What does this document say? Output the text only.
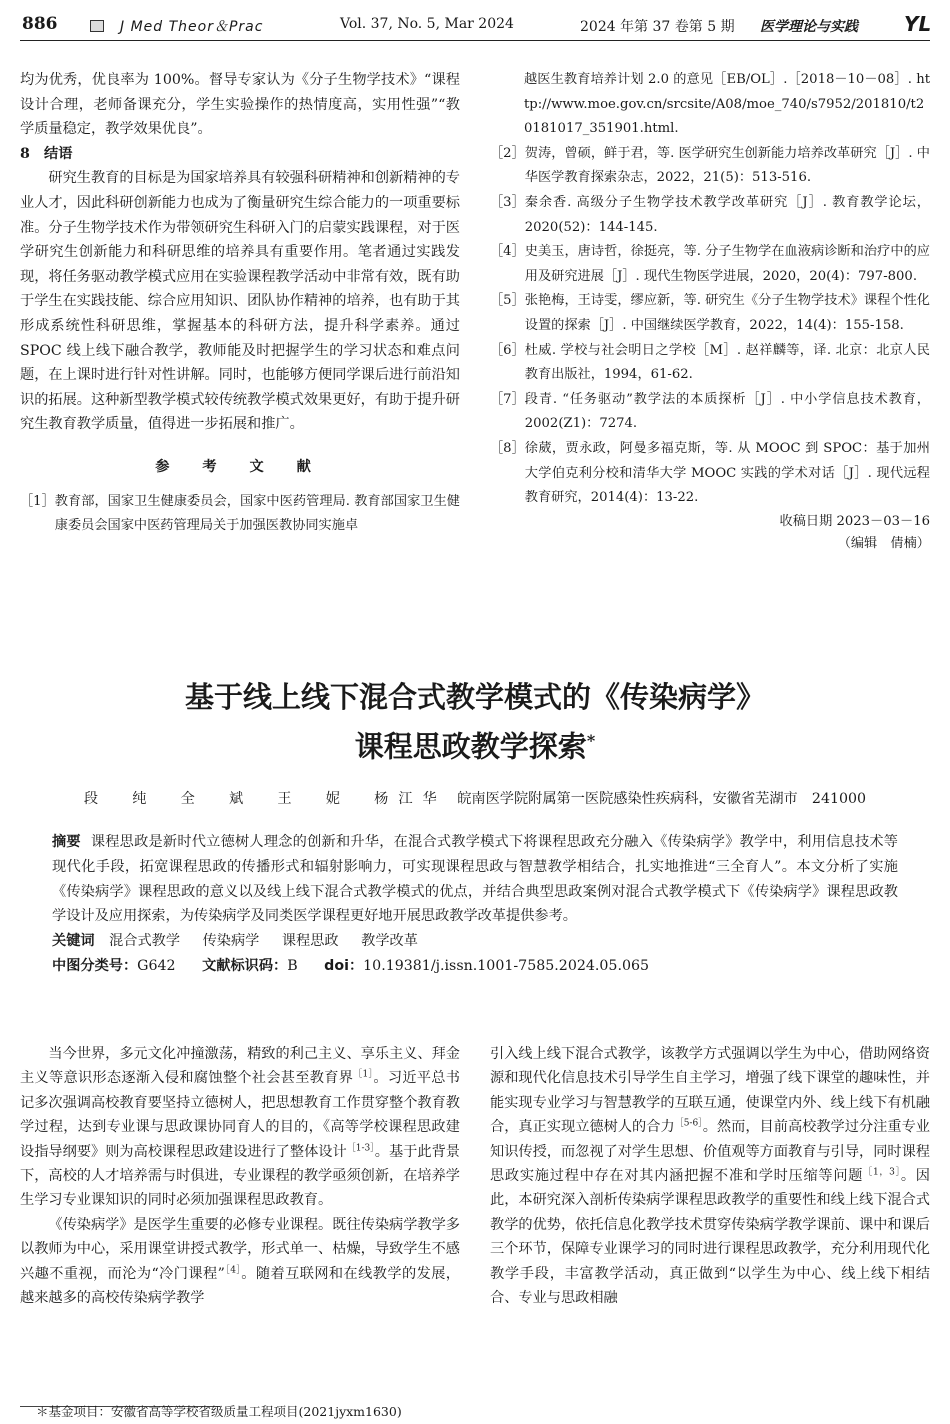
886	J Med Theor＆Prac	Vol. 37, No. 5, Mar 2024	2024 年第 37 卷第 5 期 医学理论与实践 YL

均为优秀，优良率为 100%。督导专家认为《分子生物学技术》“课程设计合理，老师备课充分，学生实验操作的热情度高，实用性强”“教学质量稳定，教学效果优良”。

8　结语

研究生教育的目标是为国家培养具有较强科研精神和创新精神的专业人才，因此科研创新能力也成为了衡量研究生综合能力的一项重要标准。分子生物学技术作为带领研究生科研入门的启蒙实践课程，对于医学研究生创新能力和科研思维的培养具有重要作用。笔者通过实践发现，将任务驱动教学模式应用在实验课程教学活动中非常有效，既有助于学生在实践技能、综合应用知识、团队协作精神的培养，也有助于其形成系统性科研思维，掌握基本的科研方法，提升科学素养。通过 SPOC 线上线下融合教学，教师能及时把握学生的学习状态和难点问题，在上课时进行针对性讲解。同时，也能够方便同学课后进行前沿知识的拓展。这种新型教学模式较传统教学模式效果更好，有助于提升研究生教育教学质量，值得进一步拓展和推广。

参 考 文 献

［1］ 教育部，国家卫生健康委员会，国家中医药管理局. 教育部国家卫生健康委员会国家中医药管理局关于加强医教协同实施卓
越医生教育培养计划 2.0 的意见［EB/OL］.［2018－10－08］. http://www.moe.gov.cn/srcsite/A08/moe_740/s7952/201810/t20181017_351901.html.
［2］ 贺涛，曾硕，鲜于君，等. 医学研究生创新能力培养改革研究［J］. 中华医学教育探索杂志，2022，21(5)：513-516.
［3］ 秦余香. 高级分子生物学技术教学改革研究［J］. 教育教学论坛，2020(52)：144-145.
［4］ 史美玉，唐诗哲，徐挺亮，等. 分子生物学在血液病诊断和治疗中的应用及研究进展［J］. 现代生物医学进展，2020，20(4)：797-800.
［5］ 张艳梅，王诗雯，缪应新，等. 研究生《分子生物学技术》课程个性化设置的探索［J］. 中国继续医学教育，2022，14(4)：155-158.
［6］ 杜威. 学校与社会明日之学校［M］. 赵祥麟等，译. 北京：北京人民教育出版社，1994，61-62.
［7］ 段青. “任务驱动”教学法的本质探析［J］. 中小学信息技术教育，2002(Z1)：7274.
［8］ 徐葳，贾永政，阿曼多福克斯，等. 从 MOOC 到 SPOC：基于加州大学伯克利分校和清华大学 MOOC 实践的学术对话［J］. 现代远程教育研究，2014(4)：13-22.

收稿日期 2023－03－16

（编辑　倩楠）

基于线上线下混合式教学模式的《传染病学》
课程思政教学探索*
段　纯　全　斌　王　妮　杨江华 皖南医学院附属第一医院感染性疾病科，安徽省芜湖市　241000

摘要 课程思政是新时代立德树人理念的创新和升华，在混合式教学模式下将课程思政充分融入《传染病学》教学中，利用信息技术等现代化手段，拓宽课程思政的传播形式和辐射影响力，可实现课程思政与智慧教学相结合，扎实地推进“三全育人”。本文分析了实施《传染病学》课程思政的意义以及线上线下混合式教学模式的优点，并结合典型思政案例对混合式教学模式下《传染病学》课程思政教学设计及应用探索，为传染病学及同类医学课程更好地开展思政教学改革提供参考。

关键词 混合式教学 传染病学 课程思政 教学改革

中图分类号：G642 文献标识码：B doi：10.19381/j.issn.1001-7585.2024.05.065

当今世界，多元文化冲撞激荡，精致的利己主义、享乐主义、拜金主义等意识形态逐渐入侵和腐蚀整个社会甚至教育界$^{[1]}$。习近平总书记多次强调高校教育要坚持立德树人，把思想教育工作贯穿整个教育教学过程，达到专业课与思政课协同育人的目的，《高等学校课程思政建设指导纲要》则为高校课程思政建设进行了整体设计$^{[1-3]}$。基于此背景下，高校的人才培养需与时俱进，专业课程的教学亟须创新，在培养学生学习专业课知识的同时必须加强课程思政教育。

《传染病学》是医学生重要的必修专业课程。既往传染病学教学多以教师为中心，采用课堂讲授式教学，形式单一、枯燥，导致学生不感兴趣不重视，而沦为“冷门课程”$^{[4]}$。随着互联网和在线教学的发展，越来越多的高校传染病学教学

引入线上线下混合式教学，该教学方式强调以学生为中心，借助网络资源和现代化信息技术引导学生自主学习，增强了线下课堂的趣味性，并能实现专业学习与智慧教学的互联互通，使课堂内外、线上线下有机融合，真正实现立德树人的合力$^{[5-6]}$。然而，目前高校教学过分注重专业知识传授，而忽视了对学生思想、价值观等方面教育与引导，同时课程思政实施过程中存在对其内涵把握不准和学时压缩等问题$^{[1,3]}$。因此，本研究深入剖析传染病学课程思政教学的重要性和线上线下混合式教学的优势，依托信息化教学技术贯穿传染病学教学课前、课中和课后三个环节，保障专业课学习的同时进行课程思政教学，充分利用现代化教学手段，丰富教学活动，真正做到“以学生为中心、线上线下相结合、专业与思政相融

＊基金项目：安徽省高等学校省级质量工程项目(2021jyxm1630)
